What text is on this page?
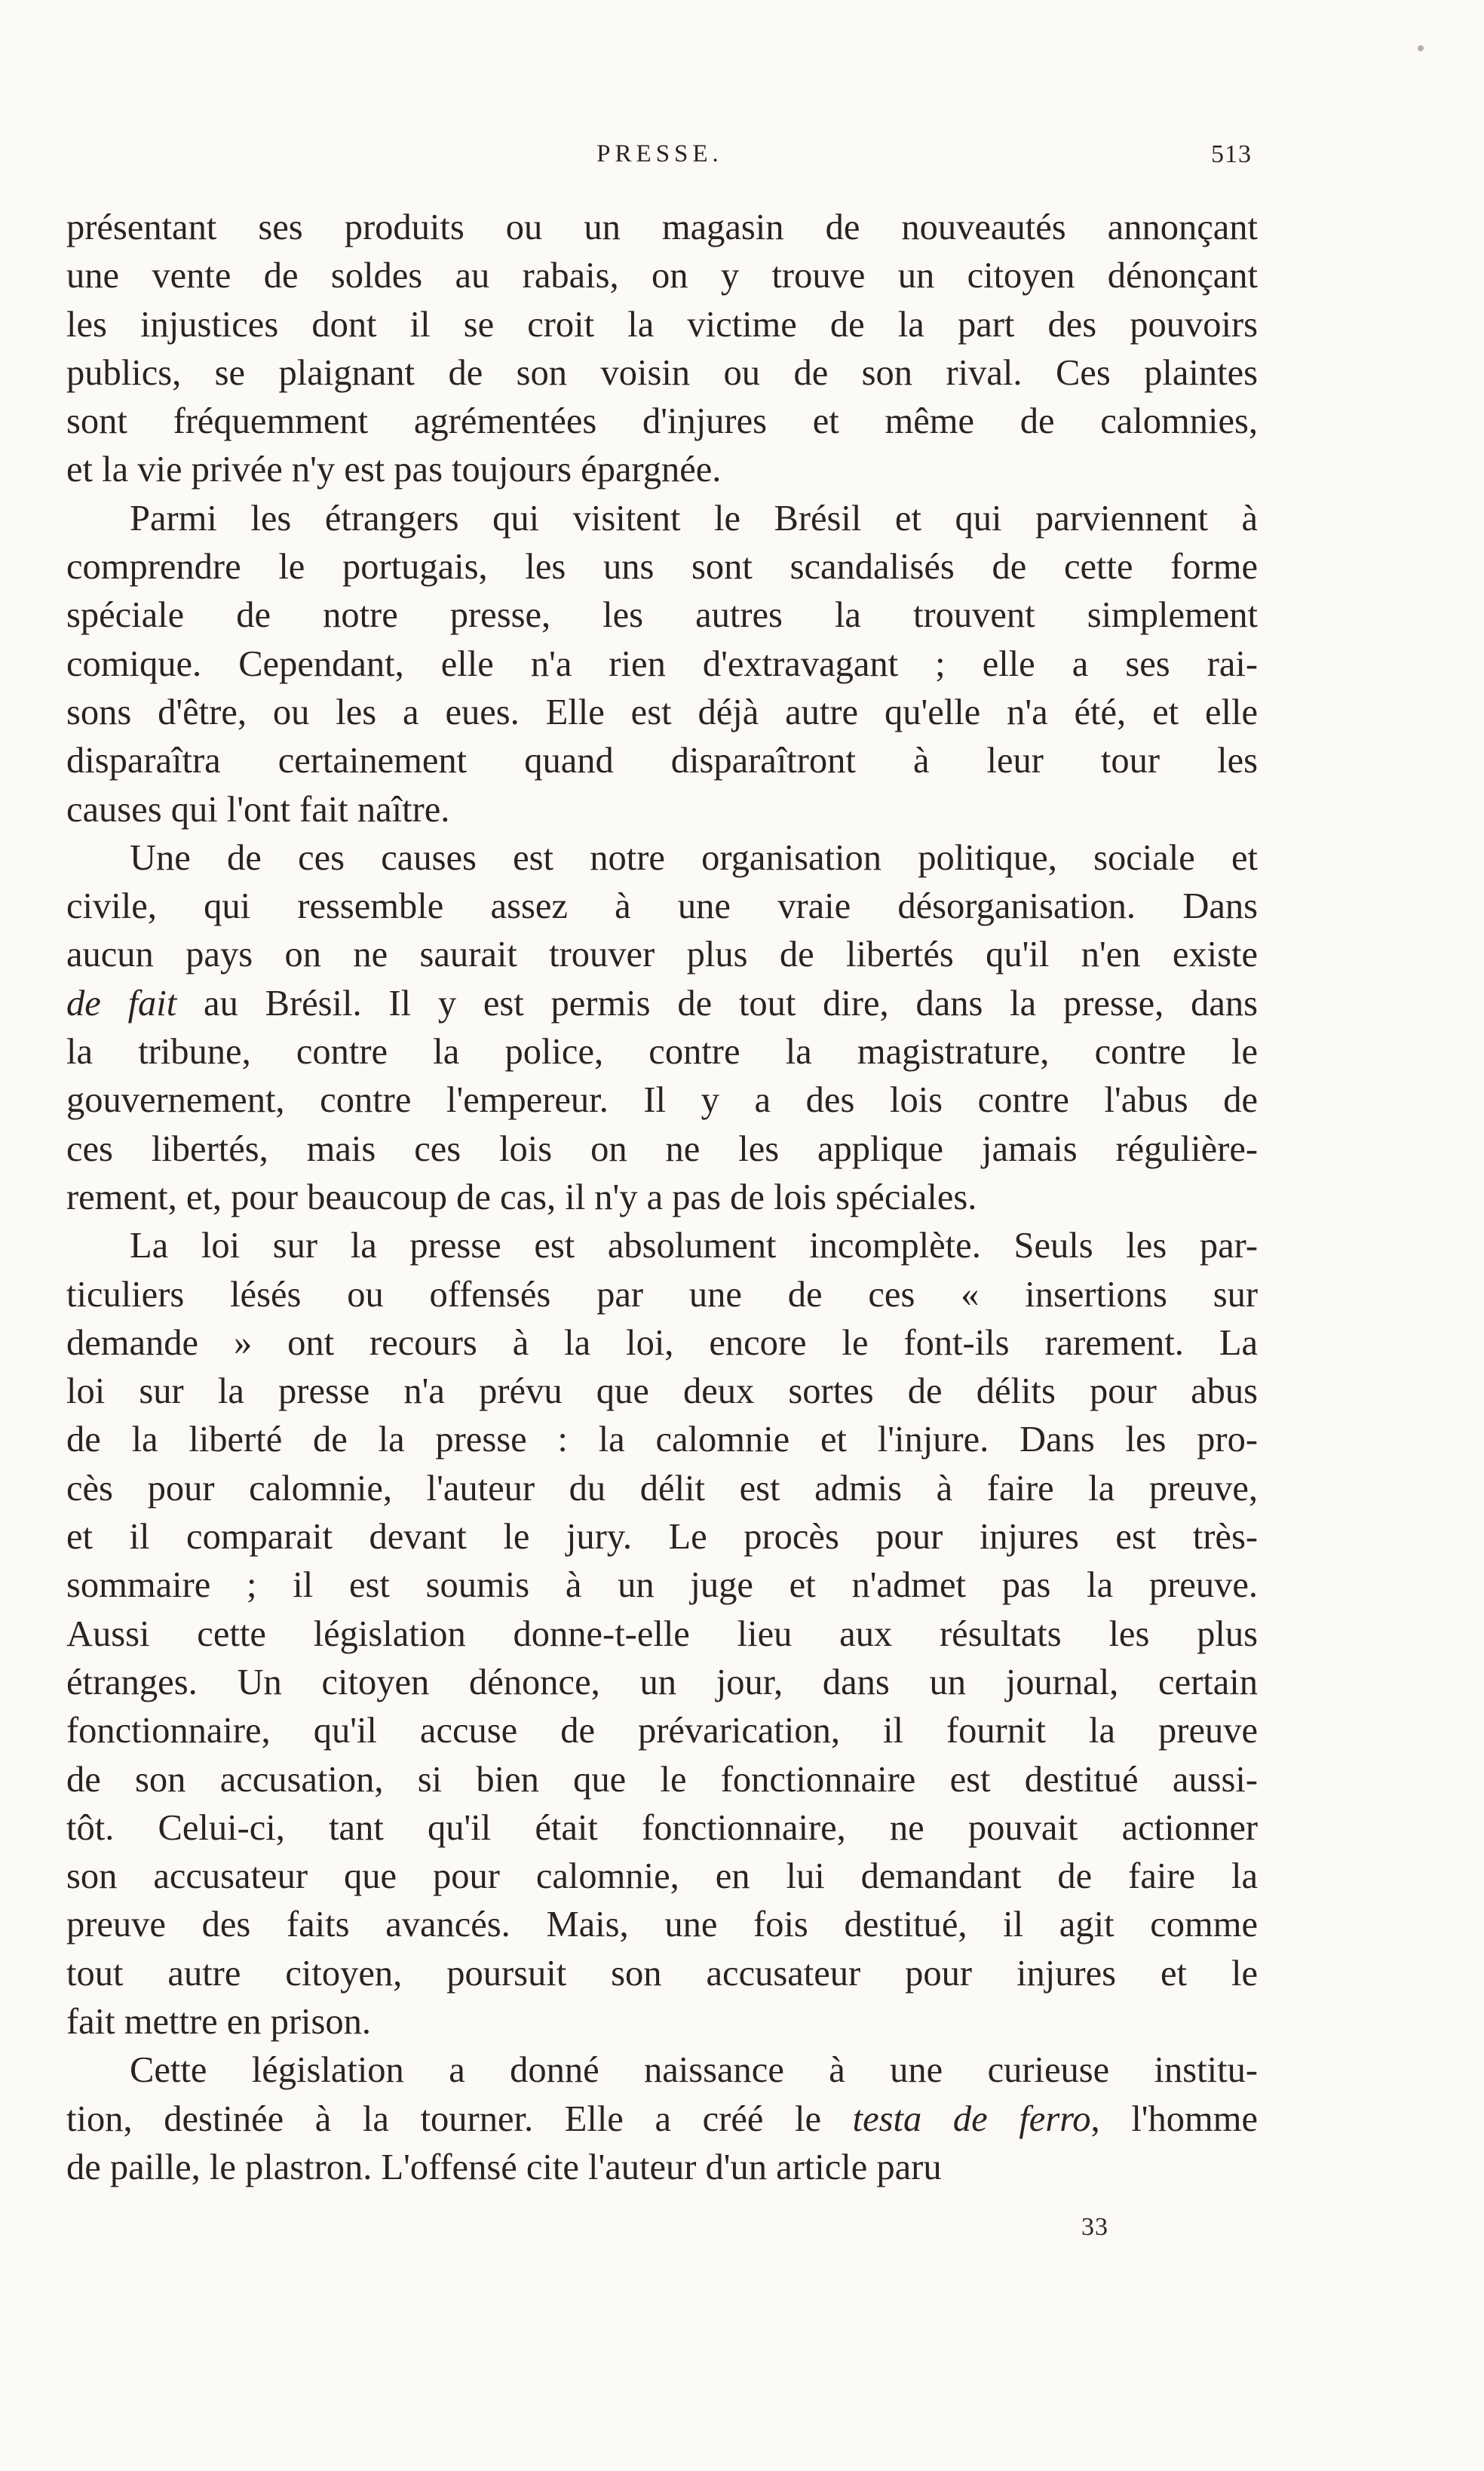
PRESSE.	513
présentant ses produits ou un magasin de nouveautés annonçant
une vente de soldes au rabais, on y trouve un citoyen dénonçant
les injustices dont il se croit la victime de la part des pouvoirs
publics, se plaignant de son voisin ou de son rival. Ces plaintes
sont fréquemment agrémentées d'injures et même de calomnies,
et la vie privée n'y est pas toujours épargnée.
Parmi les étrangers qui visitent le Brésil et qui parviennent à
comprendre le portugais, les uns sont scandalisés de cette forme
spéciale de notre presse, les autres la trouvent simplement
comique. Cependant, elle n'a rien d'extravagant ; elle a ses rai-
sons d'être, ou les a eues. Elle est déjà autre qu'elle n'a été, et elle
disparaîtra certainement quand disparaîtront à leur tour les
causes qui l'ont fait naître.
Une de ces causes est notre organisation politique, sociale et
civile, qui ressemble assez à une vraie désorganisation. Dans
aucun pays on ne saurait trouver plus de libertés qu'il n'en existe
de fait au Brésil. Il y est permis de tout dire, dans la presse, dans
la tribune, contre la police, contre la magistrature, contre le
gouvernement, contre l'empereur. Il y a des lois contre l'abus de
ces libertés, mais ces lois on ne les applique jamais régulière-
rement, et, pour beaucoup de cas, il n'y a pas de lois spéciales.
La loi sur la presse est absolument incomplète. Seuls les par-
ticuliers lésés ou offensés par une de ces « insertions sur
demande » ont recours à la loi, encore le font-ils rarement. La
loi sur la presse n'a prévu que deux sortes de délits pour abus
de la liberté de la presse : la calomnie et l'injure. Dans les pro-
cès pour calomnie, l'auteur du délit est admis à faire la preuve,
et il comparait devant le jury. Le procès pour injures est très-
sommaire ; il est soumis à un juge et n'admet pas la preuve.
Aussi cette législation donne-t-elle lieu aux résultats les plus
étranges. Un citoyen dénonce, un jour, dans un journal, certain
fonctionnaire, qu'il accuse de prévarication, il fournit la preuve
de son accusation, si bien que le fonctionnaire est destitué aussi-
tôt. Celui-ci, tant qu'il était fonctionnaire, ne pouvait actionner
son accusateur que pour calomnie, en lui demandant de faire la
preuve des faits avancés. Mais, une fois destitué, il agit comme
tout autre citoyen, poursuit son accusateur pour injures et le
fait mettre en prison.
Cette législation a donné naissance à une curieuse institu-
tion, destinée à la tourner. Elle a créé le testa de ferro, l'homme
de paille, le plastron. L'offensé cite l'auteur d'un article paru
33
